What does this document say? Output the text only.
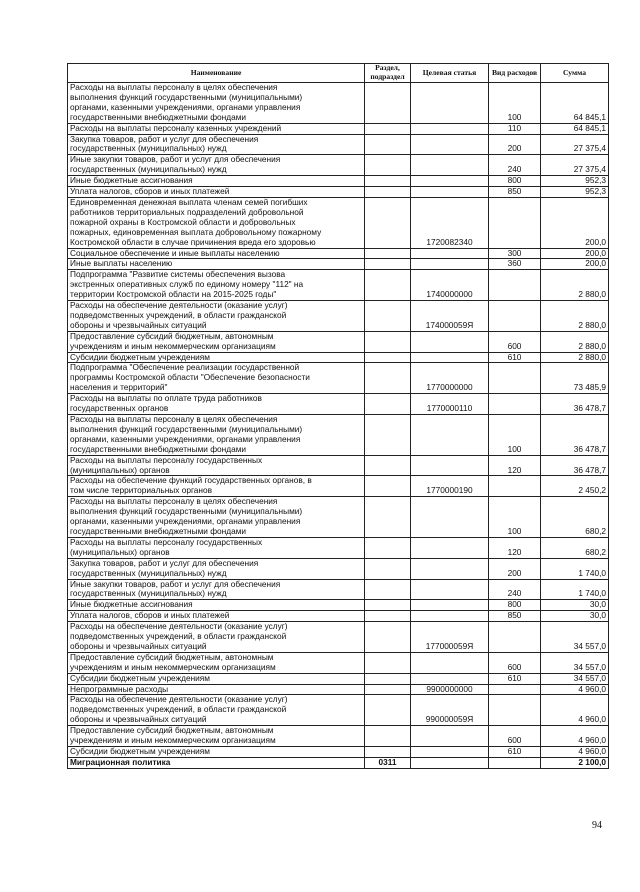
Наименование	Раздел, подраздел	Целевая статья	Вид расходов	Сумма

Расходы на выплаты персоналу в целях обеспечения
выполнения функций государственными (муниципальными)
органами, казенными учреждениями, органами управления
государственными внебюджетными фондами			100	64 845,1

Расходы на выплаты персоналу казенных учреждений			110	64 845,1

Закупка товаров, работ и услуг для обеспечения
государственных (муниципальных) нужд			200	27 375,4

Иные закупки товаров, работ и услуг для обеспечения
государственных (муниципальных) нужд			240	27 375,4

Иные бюджетные ассигнования			800	952,3

Уплата налогов, сборов и иных платежей			850	952,3

Единовременная денежная выплата членам семей погибших
работников территориальных подразделений добровольной
пожарной охраны в Костромской области и добровольных
пожарных, единовременная выплата добровольному пожарному
Костромской области в случае причинения вреда его здоровью		1720082340		200,0

Социальное обеспечение и иные выплаты населению			300	200,0

Иные выплаты населению			360	200,0

Подпрограмма "Развитие системы обеспечения вызова
экстренных оперативных служб по единому номеру "112" на
территории Костромской области на 2015-2025 годы"		1740000000		2 880,0

Расходы на обеспечение деятельности (оказание услуг)
подведомственных учреждений, в области гражданской
обороны и чрезвычайных ситуаций		174000059Я		2 880,0

Предоставление субсидий бюджетным, автономным
учреждениям и иным некоммерческим организациям			600	2 880,0

Субсидии бюджетным учреждениям			610	2 880,0

Подпрограмма "Обеспечение реализации государственной
программы Костромской области "Обеспечение безопасности
населения и территорий"		1770000000		73 485,9

Расходы на выплаты по оплате труда работников
государственных органов		1770000110		36 478,7

Расходы на выплаты персоналу в целях обеспечения
выполнения функций государственными (муниципальными)
органами, казенными учреждениями, органами управления
государственными внебюджетными фондами			100	36 478,7

Расходы на выплаты персоналу государственных
(муниципальных) органов			120	36 478,7

Расходы на обеспечение функций государственных органов, в
том числе территориальных органов		1770000190		2 450,2

Расходы на выплаты персоналу в целях обеспечения
выполнения функций государственными (муниципальными)
органами, казенными учреждениями, органами управления
государственными внебюджетными фондами			100	680,2

Расходы на выплаты персоналу государственных
(муниципальных) органов			120	680,2

Закупка товаров, работ и услуг для обеспечения
государственных (муниципальных) нужд			200	1 740,0

Иные закупки товаров, работ и услуг для обеспечения
государственных (муниципальных) нужд			240	1 740,0

Иные бюджетные ассигнования			800	30,0

Уплата налогов, сборов и иных платежей			850	30,0

Расходы на обеспечение деятельности (оказание услуг)
подведомственных учреждений, в области гражданской
обороны и чрезвычайных ситуаций		177000059Я		34 557,0

Предоставление субсидий бюджетным, автономным
учреждениям и иным некоммерческим организациям			600	34 557,0

Субсидии бюджетным учреждениям			610	34 557,0

Непрограммные расходы		9900000000		4 960,0

Расходы на обеспечение деятельности (оказание услуг)
подведомственных учреждений, в области гражданской
обороны и чрезвычайных ситуаций		990000059Я		4 960,0

Предоставление субсидий бюджетным, автономным
учреждениям и иным некоммерческим организациям			600	4 960,0

Субсидии бюджетным учреждениям			610	4 960,0

Миграционная политика	0311			2 100,0
94
